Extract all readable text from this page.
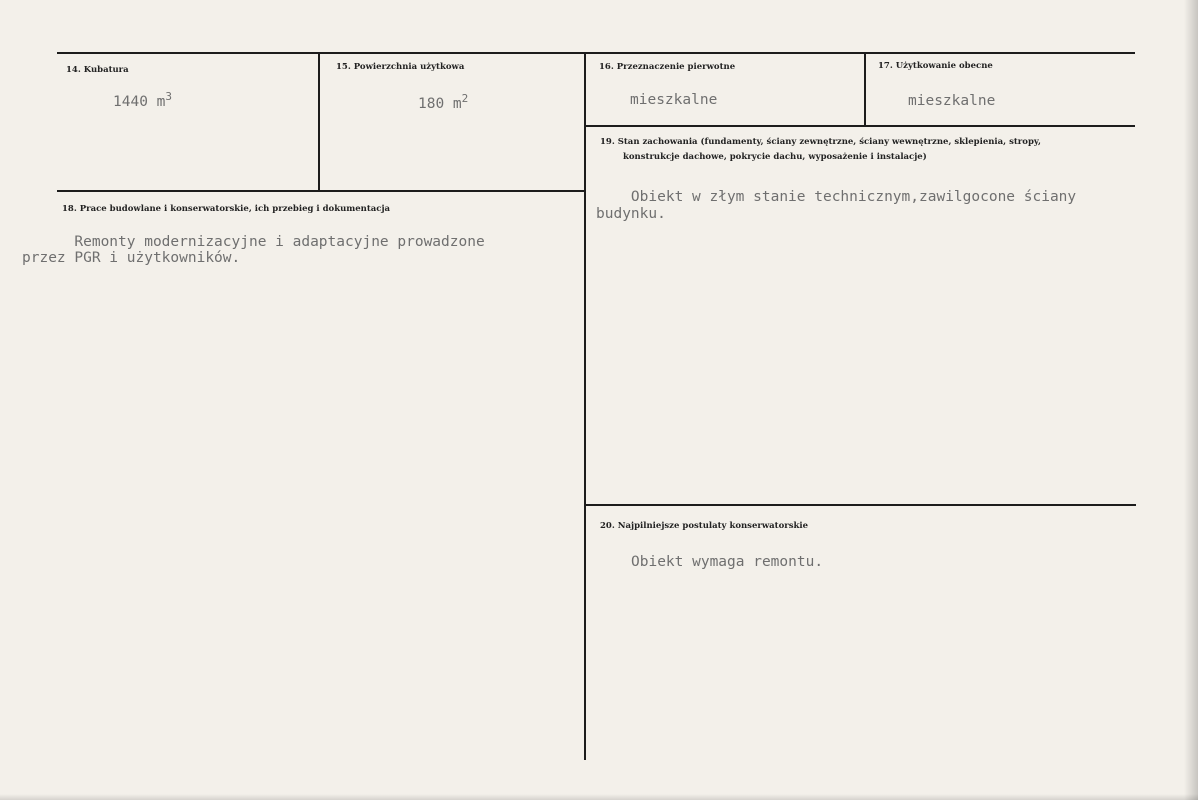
14. Kubatura
1440 $m^3$
15. Powierzchnia użytkowa
180 $m^2$
16. Przeznaczenie pierwotne
mieszkalne
17. Użytkowanie obecne
mieszkalne
19. Stan zachowania (fundamenty, ściany zewnętrzne, ściany wewnętrzne, sklepienia, stropy,
konstrukcje dachowe, pokrycie dachu, wyposażenie i instalacje)
Obiekt w złym stanie technicznym,zawilgocone ściany
budynku.
18. Prace budowlane i konserwatorskie, ich przebieg i dokumentacja
Remonty modernizacyjne i adaptacyjne prowadzone
przez PGR i użytkowników.
20. Najpilniejsze postulaty konserwatorskie
Obiekt wymaga remontu.
